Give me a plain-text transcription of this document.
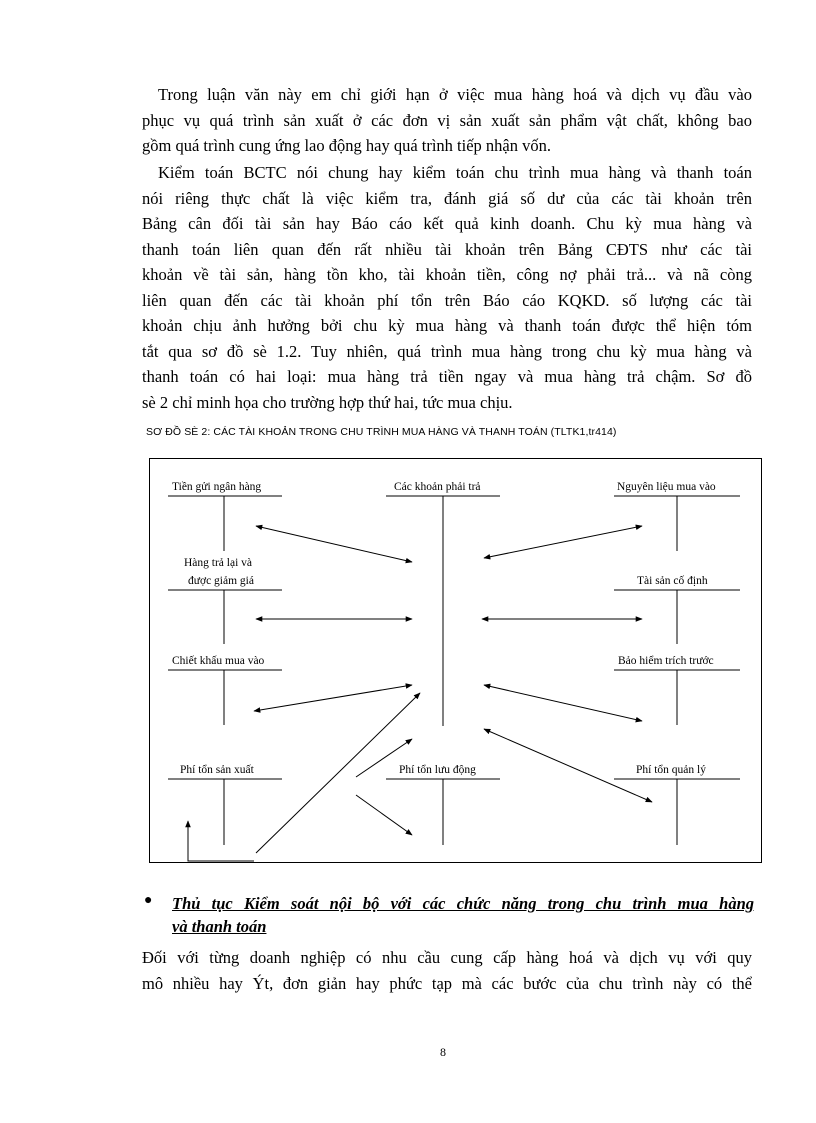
Trong luận văn này em chỉ giới hạn ở việc mua hàng hoá và dịch vụ đầu vào
phục vụ quá trình sản xuất ở các đơn vị sản xuất sản phẩm vật chất, không bao
gồm quá trình cung ứng lao động hay quá trình tiếp nhận vốn.
Kiểm toán BCTC nói chung hay kiểm toán chu trình mua hàng và thanh toán
nói riêng thực chất là việc kiểm tra, đánh giá số dư của các tài khoản trên
Bảng cân đối tài sản hay Báo cáo kết quả kinh doanh. Chu kỳ mua hàng và
thanh toán liên quan đến rất nhiều tài khoản trên Bảng CĐTS như các tài
khoản về tài sản, hàng tồn kho, tài khoản tiền, công nợ phải trả... và nã còng
liên quan đến các tài khoản phí tổn trên Báo cáo KQKD. số lượng các tài
khoản chịu ảnh hưởng bởi chu kỳ mua hàng và thanh toán được thể hiện tóm
tắt qua sơ đồ sè 1.2. Tuy nhiên, quá trình mua hàng trong chu kỳ mua hàng và
thanh toán có hai loại: mua hàng trả tiền ngay và mua hàng trả chậm. Sơ đồ
sè 2 chỉ minh họa cho trường hợp thứ hai, tức mua chịu.
SƠ ĐỒ SÈ 2: CÁC TÀI KHOẢN TRONG CHU TRÌNH MUA HÀNG VÀ THANH TOÁN (TLTK1,tr414)
Tiền gửi ngân hàng	Các khoản phải trả	Nguyên liệu mua vào
Hàng trả lại và
được giảm giá	Tài sản cố định
Chiết khấu mua vào	Bảo hiểm trích trước
Phí tổn sản xuất	Phí tổn lưu động	Phí tổn quản lý
● Thủ tục Kiểm soát nội bộ với các chức năng trong chu trình mua hàng
và thanh toán
Đối với từng doanh nghiệp có nhu cầu cung cấp hàng hoá và dịch vụ với quy
mô nhiều hay Ýt, đơn giản hay phức tạp mà các bước của chu trình này có thể
8
